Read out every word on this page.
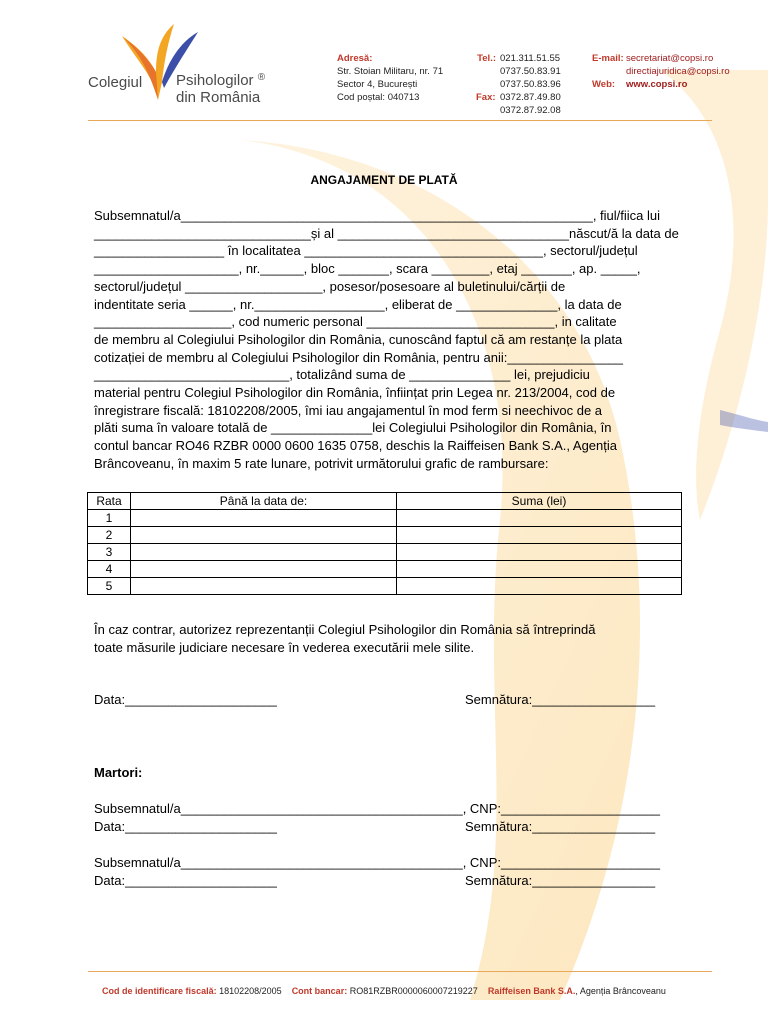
Colegiul Psihologilor ®
din România
Adresă:
Str. Stoian Militaru, nr. 71
Sector 4, București
Cod poștal: 040713
Tel.: 021.311.51.55
0737.50.83.91
0737.50.83.96
Fax: 0372.87.49.80
0372.87.92.08
E-mail: secretariat@copsi.ro
directiajuridica@copsi.ro
Web: www.copsi.ro
ANGAJAMENT DE PLATĂ
Subsemnatul/a_________________________________________________________, fiul/fiica lui
______________________________și al ________________________________născut/ă la data de
__________________ în localitatea _________________________________, sectorul/județul
____________________, nr.______, bloc _______, scara ________, etaj _______, ap. _____,
sectorul/județul ___________________, posesor/posesoare al buletinului/cărții de
indentitate seria ______, nr.__________________, eliberat de ______________, la data de
___________________, cod numeric personal __________________________, in calitate
de membru al Colegiului Psihologilor din România, cunoscând faptul că am restanțe la plata
cotizației de membru al Colegiului Psihologilor din România, pentru anii:________________
___________________________, totalizând suma de ______________ lei, prejudiciu
material pentru Colegiul Psihologilor din România, înființat prin Legea nr. 213/2004, cod de
înregistrare fiscală: 18102208/2005, îmi iau angajamentul în mod ferm si neechivoc de a
plăti suma în valoare totală de ______________lei Colegiului Psihologilor din România, în
contul bancar RO46 RZBR 0000 0600 1635 0758, deschis la Raiffeisen Bank S.A., Agenția
Brâncoveanu, în maxim 5 rate lunare, potrivit următorului grafic de rambursare:
Rata	Până la data de:	Suma (lei)
1		
2		
3		
4		
5		
În caz contrar, autorizez reprezentanții Colegiul Psihologilor din România să întreprindă
toate măsurile judiciare necesare în vederea executării mele silite.
Data:_____________________	Semnătura:_________________
Martori:
Subsemnatul/a_______________________________________, CNP:______________________
Data:_____________________	Semnătura:_________________
Subsemnatul/a_______________________________________, CNP:______________________
Data:_____________________	Semnătura:_________________
Cod de identificare fiscală: 18102208/2005 Cont bancar: RO81RZBR0000060007219227 Raiffeisen Bank S.A., Agenția Brâncoveanu
